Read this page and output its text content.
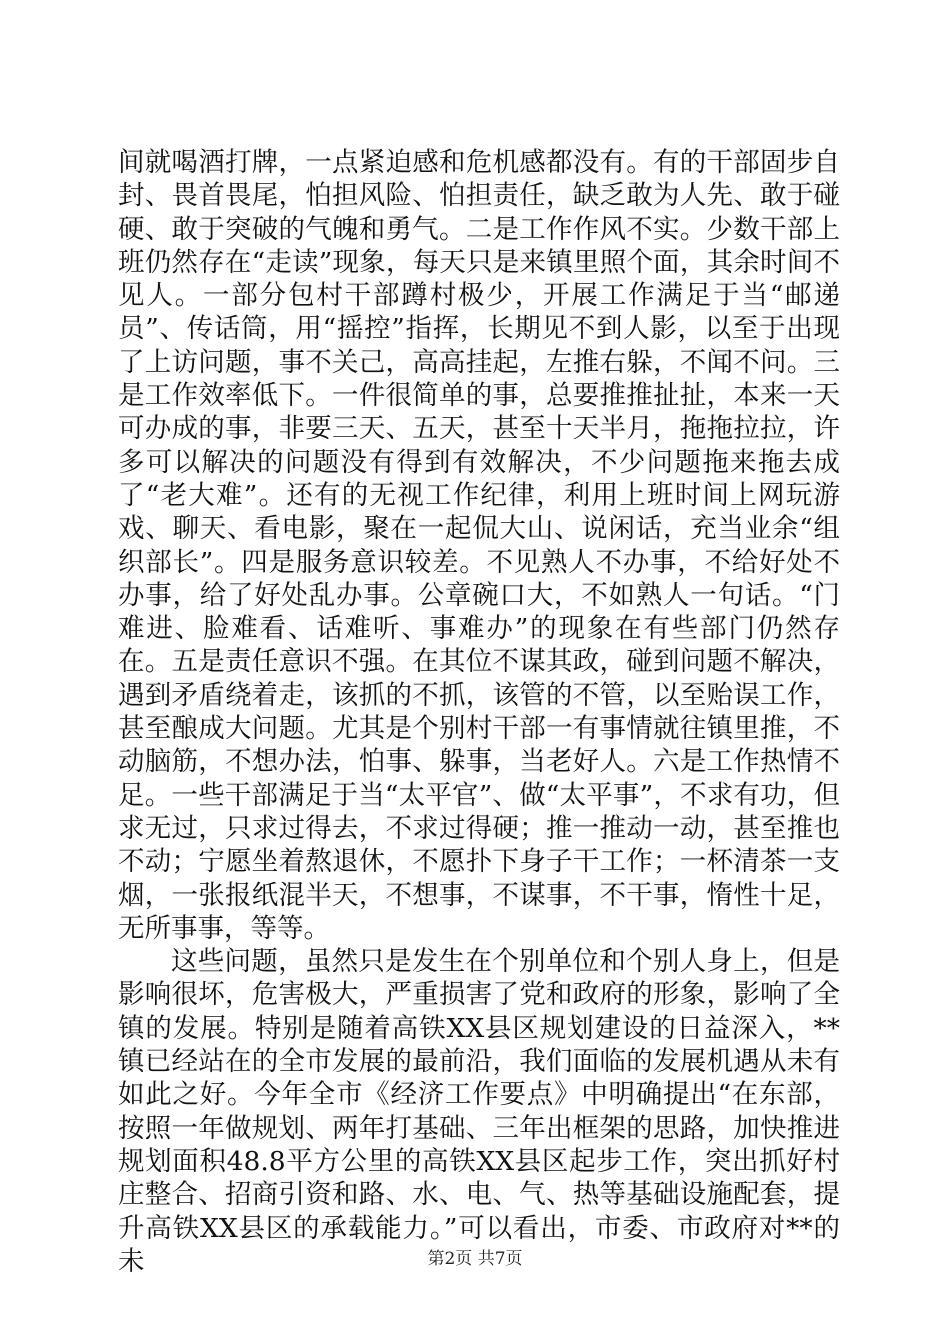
间就喝酒打牌，一点紧迫感和危机感都没有。有的干部固步自封、畏首畏尾，怕担风险、怕担责任，缺乏敢为人先、敢于碰硬、敢于突破的气魄和勇气。二是工作作风不实。少数干部上班仍然存在“走读”现象，每天只是来镇里照个面，其余时间不见人。一部分包村干部蹲村极少，开展工作满足于当“邮递员”、传话筒，用“摇控”指挥，长期见不到人影，以至于出现了上访问题，事不关己，高高挂起，左推右躲，不闻不问。三是工作效率低下。一件很简单的事，总要推推扯扯，本来一天可办成的事，非要三天、五天，甚至十天半月，拖拖拉拉，许多可以解决的问题没有得到有效解决，不少问题拖来拖去成了“老大难”。还有的无视工作纪律，利用上班时间上网玩游戏、聊天、看电影，聚在一起侃大山、说闲话，充当业余“组织部长”。四是服务意识较差。不见熟人不办事，不给好处不办事，给了好处乱办事。公章碗口大，不如熟人一句话。“门难进、脸难看、话难听、事难办”的现象在有些部门仍然存在。五是责任意识不强。在其位不谋其政，碰到问题不解决，遇到矛盾绕着走，该抓的不抓，该管的不管，以至贻误工作，甚至酿成大问题。尤其是个别村干部一有事情就往镇里推，不动脑筋，不想办法，怕事、躲事，当老好人。六是工作热情不足。一些干部满足于当“太平官”、做“太平事”，不求有功，但求无过，只求过得去，不求过得硬；推一推动一动，甚至推也不动；宁愿坐着熬退休，不愿扑下身子干工作；一杯清茶一支烟，一张报纸混半天，不想事，不谋事，不干事，惰性十足，无所事事，等等。

这些问题，虽然只是发生在个别单位和个别人身上，但是影响很坏，危害极大，严重损害了党和政府的形象，影响了全镇的发展。特别是随着高铁XX县区规划建设的日益深入，**镇已经站在的全市发展的最前沿，我们面临的发展机遇从未有如此之好。今年全市《经济工作要点》中明确提出“在东部，按照一年做规划、两年打基础、三年出框架的思路，加快推进规划面积48.8平方公里的高铁XX县区起步工作，突出抓好村庄整合、招商引资和路、水、电、气、热等基础设施配套，提升高铁XX县区的承载能力。”可以看出，市委、市政府对**的未	第2页 共7页
